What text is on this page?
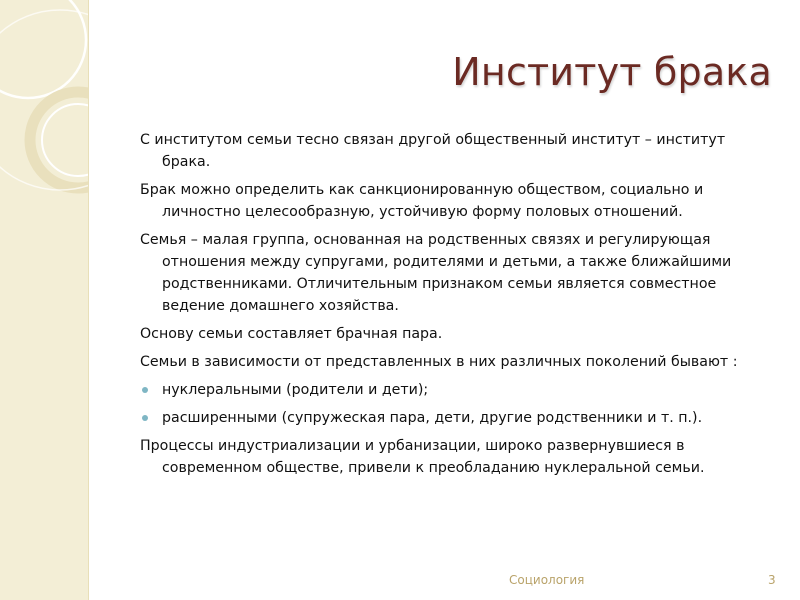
Институт брака

С институтом семьи тесно связан другой общественный институт – институт брака.

Брак можно определить как санкционированную обществом, социально и личностно целесообразную, устойчивую форму половых отношений.

Семья – малая группа, основанная на родственных связях и регулирующая отношения между супругами, родителями и детьми, а также ближайшими родственниками. Отличительным признаком семьи является совместное ведение домашнего хозяйства.

Основу семьи составляет брачная пара.

Семьи в зависимости от представленных в них различных поколений бывают :

нуклеральными (родители и дети);

расширенными (супружеская пара, дети, другие родственники и т. п.).

Процессы индустриализации и урбанизации, широко развернувшиеся в современном обществе, привели к преобладанию нуклеральной семьи.

Социология	3
